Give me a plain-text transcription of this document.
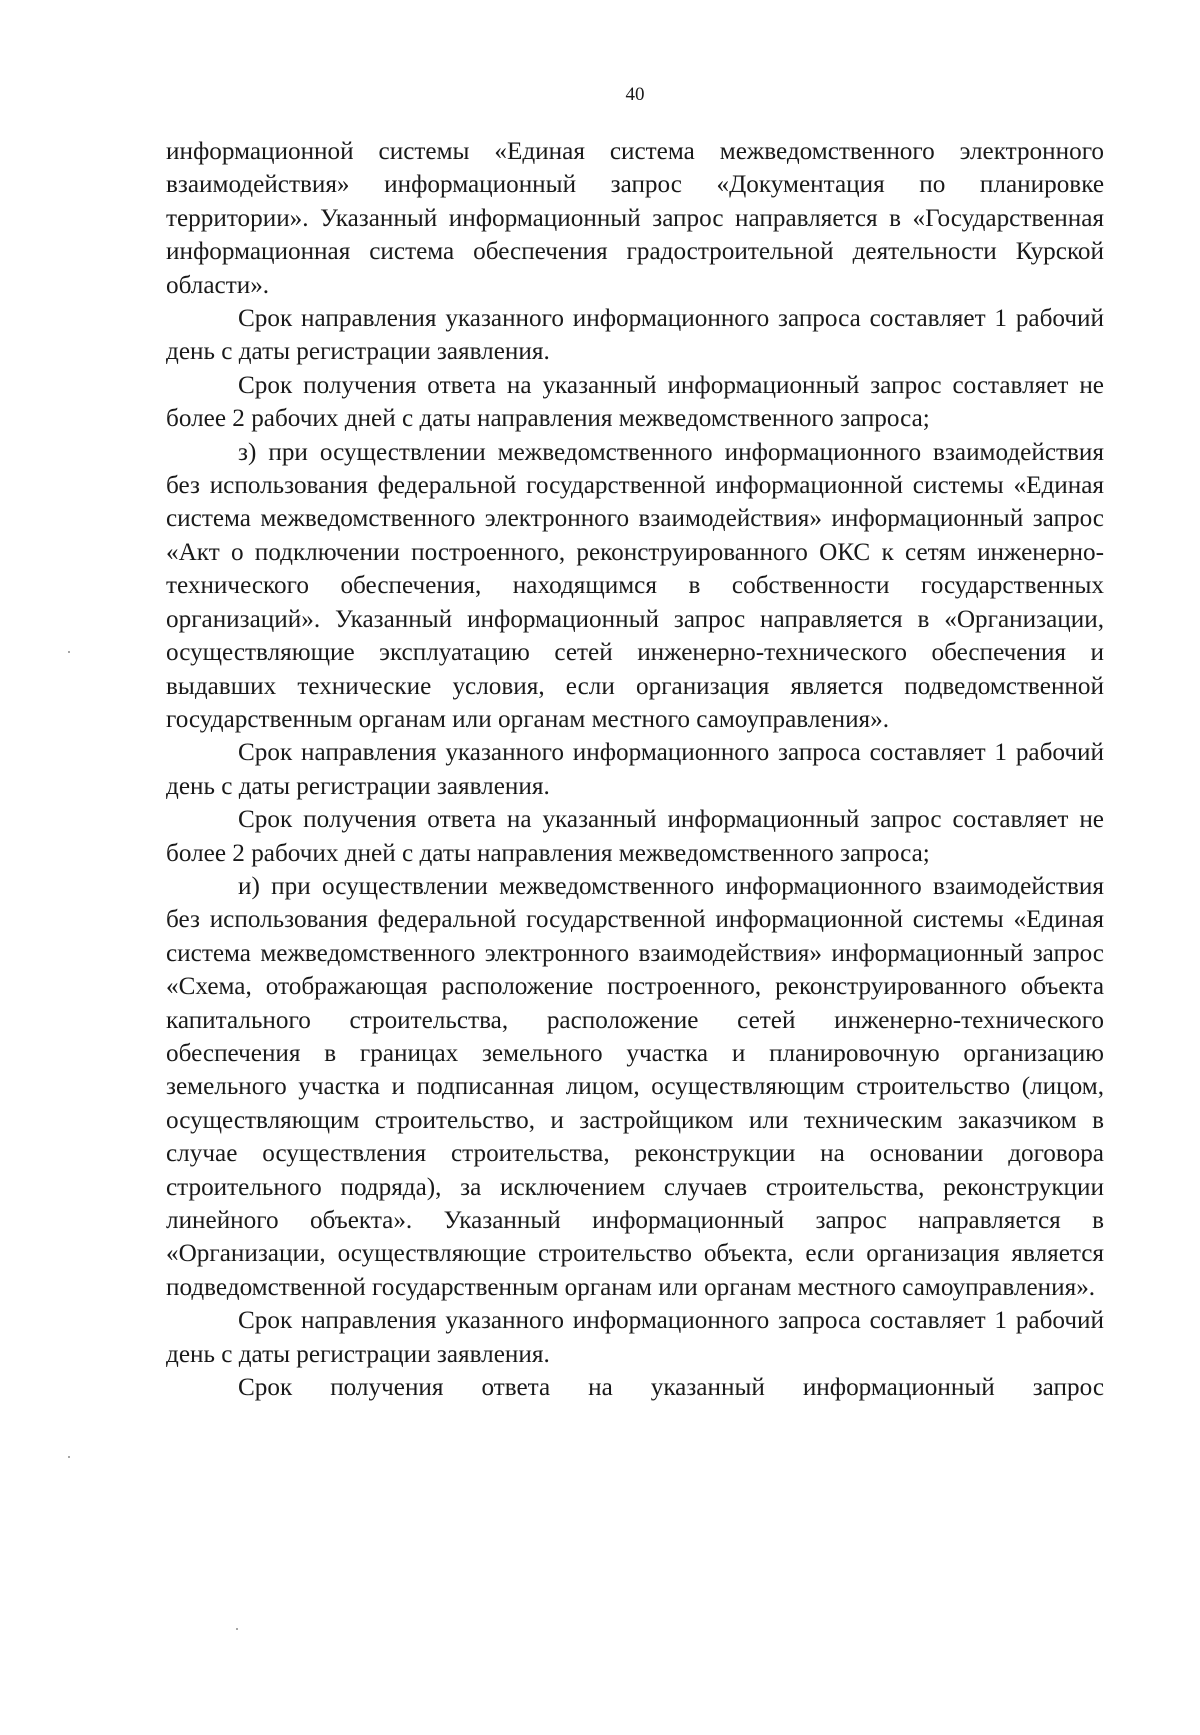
40

информационной системы «Единая система межведомственного электронного взаимодействия» информационный запрос «Документация по планировке территории». Указанный информационный запрос направляется в «Государственная информационная система обеспечения градостроительной деятельности Курской области».

Срок направления указанного информационного запроса составляет 1 рабочий день с даты регистрации заявления.

Срок получения ответа на указанный информационный запрос составляет не более 2 рабочих дней с даты направления межведомственного запроса;

з) при осуществлении межведомственного информационного взаимодействия без использования федеральной государственной информационной системы «Единая система межведомственного электронного взаимодействия» информационный запрос «Акт о подключении построенного, реконструированного ОКС к сетям инженерно-технического обеспечения, находящимся в собственности государственных организаций». Указанный информационный запрос направляется в «Организации, осуществляющие эксплуатацию сетей инженерно-технического обеспечения и выдавших технические условия, если организация является подведомственной государственным органам или органам местного самоуправления».

Срок направления указанного информационного запроса составляет 1 рабочий день с даты регистрации заявления.

Срок получения ответа на указанный информационный запрос составляет не более 2 рабочих дней с даты направления межведомственного запроса;

и) при осуществлении межведомственного информационного взаимодействия без использования федеральной государственной информационной системы «Единая система межведомственного электронного взаимодействия» информационный запрос «Схема, отображающая расположение построенного, реконструированного объекта капитального строительства, расположение сетей инженерно-технического обеспечения в границах земельного участка и планировочную организацию земельного участка и подписанная лицом, осуществляющим строительство (лицом, осуществляющим строительство, и застройщиком или техническим заказчиком в случае осуществления строительства, реконструкции на основании договора строительного подряда), за исключением случаев строительства, реконструкции линейного объекта». Указанный информационный запрос направляется в «Организации, осуществляющие строительство объекта, если организация является подведомственной государственным органам или органам местного самоуправления».

Срок направления указанного информационного запроса составляет 1 рабочий день с даты регистрации заявления.

Срок получения ответа на указанный информационный запрос
